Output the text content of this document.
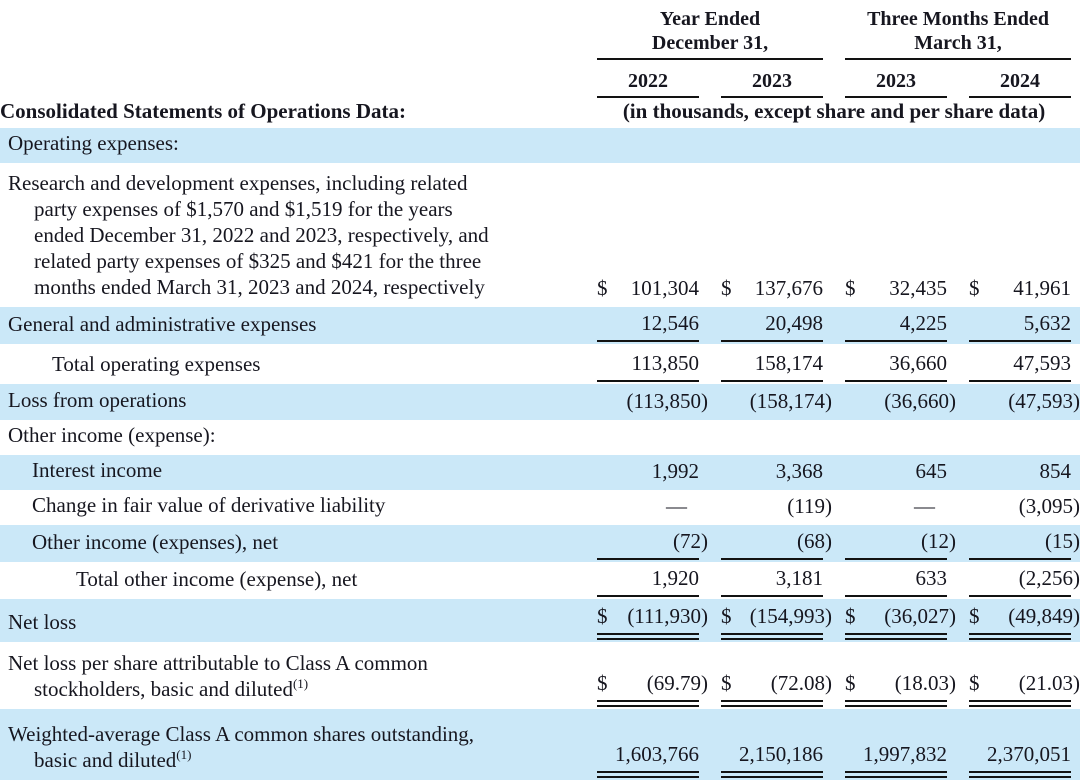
	Year Ended
December 31,		Three Months Ended
March 31,	

	2022	2023	2023	2024

Consolidated Statements of Operations Data:	(in thousands, except share and per share data)			

Operating expenses:				
Research and development expenses, including related
party expenses of $1,570 and $1,519 for the years
ended December 31, 2022 and 2023, respectively, and
related party expenses of $325 and $421 for the three
months ended March 31, 2023 and 2024, respectively	$ 101,304	$ 137,676	$ 32,435	$ 41,961

General and administrative expenses	12,546	20,498	4,225	5,632

Total operating expenses	113,850	158,174	36,660	47,593

Loss from operations	(113,850)	(158,174)	(36,660)	(47,593)

Other income (expense):				
Interest income	1,992	3,368	645	854

Change in fair value of derivative liability	—	(119)	—	(3,095)

Other income (expenses), net	(72)	(68)	(12)	(15)

Total other income (expense), net	1,920	3,181	633	(2,256)

Net loss	$ (111,930)	$ (154,993)	$ (36,027)	$ (49,849)

Net loss per share attributable to Class A common
stockholders, basic and diluted$^{(1)}$	$ (69.79)	$ (72.08)	$ (18.03)	$ (21.03)

Weighted-average Class A common shares outstanding,
basic and diluted$^{(1)}$	1,603,766	2,150,186	1,997,832	2,370,051
